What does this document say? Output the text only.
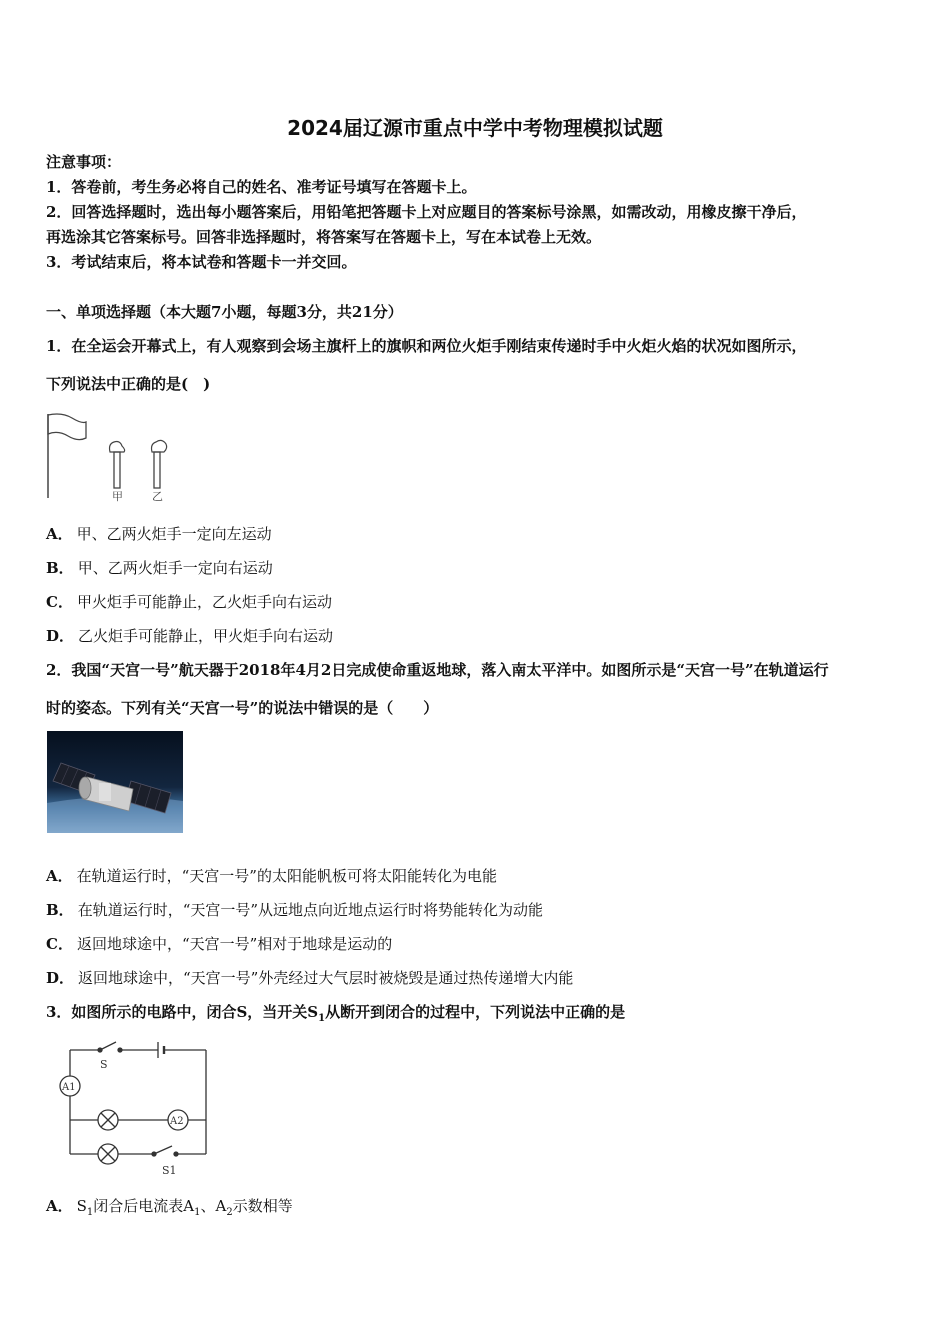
2024届辽源市重点中学中考物理模拟试题
注意事项：
1．答卷前，考生务必将自己的姓名、准考证号填写在答题卡上。
2．回答选择题时，选出每小题答案后，用铅笔把答题卡上对应题目的答案标号涂黑，如需改动，用橡皮擦干净后，
再选涂其它答案标号。回答非选择题时，将答案写在答题卡上，写在本试卷上无效。
3．考试结束后，将本试卷和答题卡一并交回。
一、单项选择题（本大题7小题，每题3分，共21分）
1．在全运会开幕式上，有人观察到会场主旗杆上的旗帜和两位火炬手刚结束传递时手中火炬火焰的状况如图所示，
下列说法中正确的是(　)
甲	乙
A． 甲、乙两火炬手一定向左运动
B． 甲、乙两火炬手一定向右运动
C． 甲火炬手可能静止，乙火炬手向右运动
D． 乙火炬手可能静止，甲火炬手向右运动
2．我国“天宫一号”航天器于2018年4月2日完成使命重返地球，落入南太平洋中。如图所示是“天宫一号”在轨道运行
时的姿态。下列有关“天宫一号”的说法中错误的是（　　）
A． 在轨道运行时，“天宫一号”的太阳能帆板可将太阳能转化为电能
B． 在轨道运行时，“天宫一号”从远地点向近地点运行时将势能转化为动能
C． 返回地球途中，“天宫一号”相对于地球是运动的
D． 返回地球途中，“天宫一号”外壳经过大气层时被烧毁是通过热传递增大内能
3．如图所示的电路中，闭合S，当开关$S_1$从断开到闭合的过程中，下列说法中正确的是
S
A1
A2
S1
A． $S_1$闭合后电流表$A_1$、$A_2$示数相等
